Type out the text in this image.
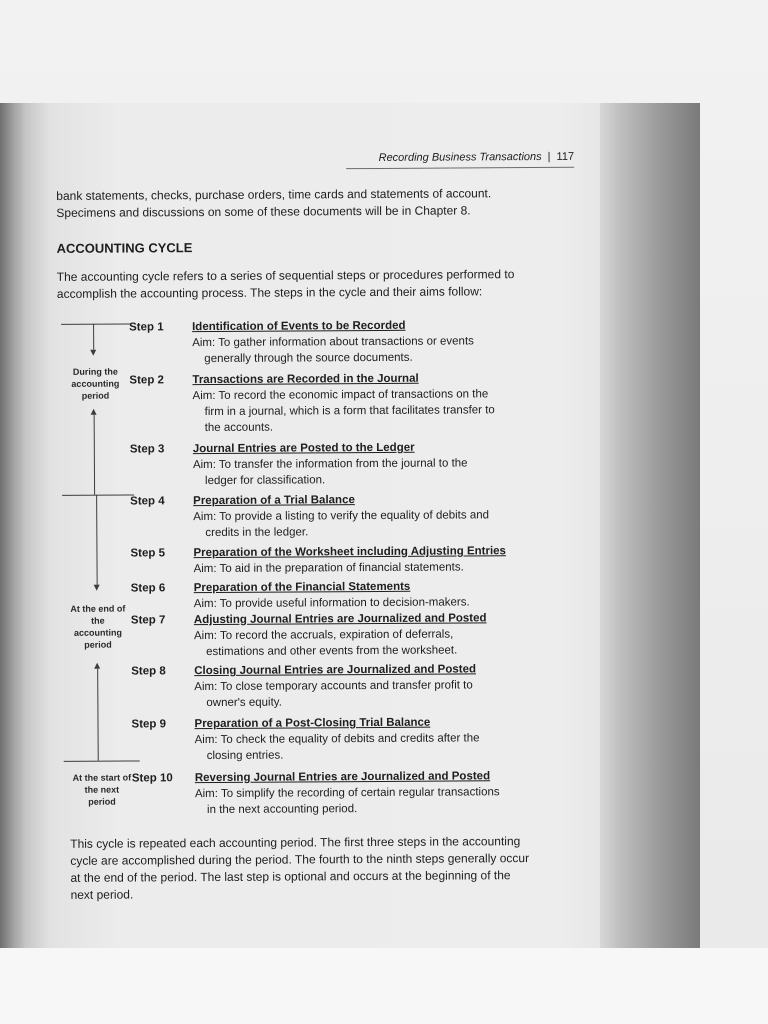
Recording Business Transactions | 117
bank statements, checks, purchase orders, time cards and statements of account.
Specimens and discussions on some of these documents will be in Chapter 8.
ACCOUNTING CYCLE
The accounting cycle refers to a series of sequential steps or procedures performed to
accomplish the accounting process. The steps in the cycle and their aims follow:
During the accounting period
At the end of the accounting period
At the start of the next period
Step 1	Identification of Events to be Recorded
Aim: To gather information about transactions or events
generally through the source documents.
Step 2	Transactions are Recorded in the Journal
Aim: To record the economic impact of transactions on the
firm in a journal, which is a form that facilitates transfer to
the accounts.
Step 3	Journal Entries are Posted to the Ledger
Aim: To transfer the information from the journal to the
ledger for classification.
Step 4	Preparation of a Trial Balance
Aim: To provide a listing to verify the equality of debits and
credits in the ledger.
Step 5	Preparation of the Worksheet including Adjusting Entries
Aim: To aid in the preparation of financial statements.
Step 6	Preparation of the Financial Statements
Aim: To provide useful information to decision-makers.
Step 7	Adjusting Journal Entries are Journalized and Posted
Aim: To record the accruals, expiration of deferrals,
estimations and other events from the worksheet.
Step 8	Closing Journal Entries are Journalized and Posted
Aim: To close temporary accounts and transfer profit to
owner's equity.
Step 9	Preparation of a Post-Closing Trial Balance
Aim: To check the equality of debits and credits after the
closing entries.
Step 10	Reversing Journal Entries are Journalized and Posted
Aim: To simplify the recording of certain regular transactions
in the next accounting period.
This cycle is repeated each accounting period. The first three steps in the accounting
cycle are accomplished during the period. The fourth to the ninth steps generally occur
at the end of the period. The last step is optional and occurs at the beginning of the
next period.
